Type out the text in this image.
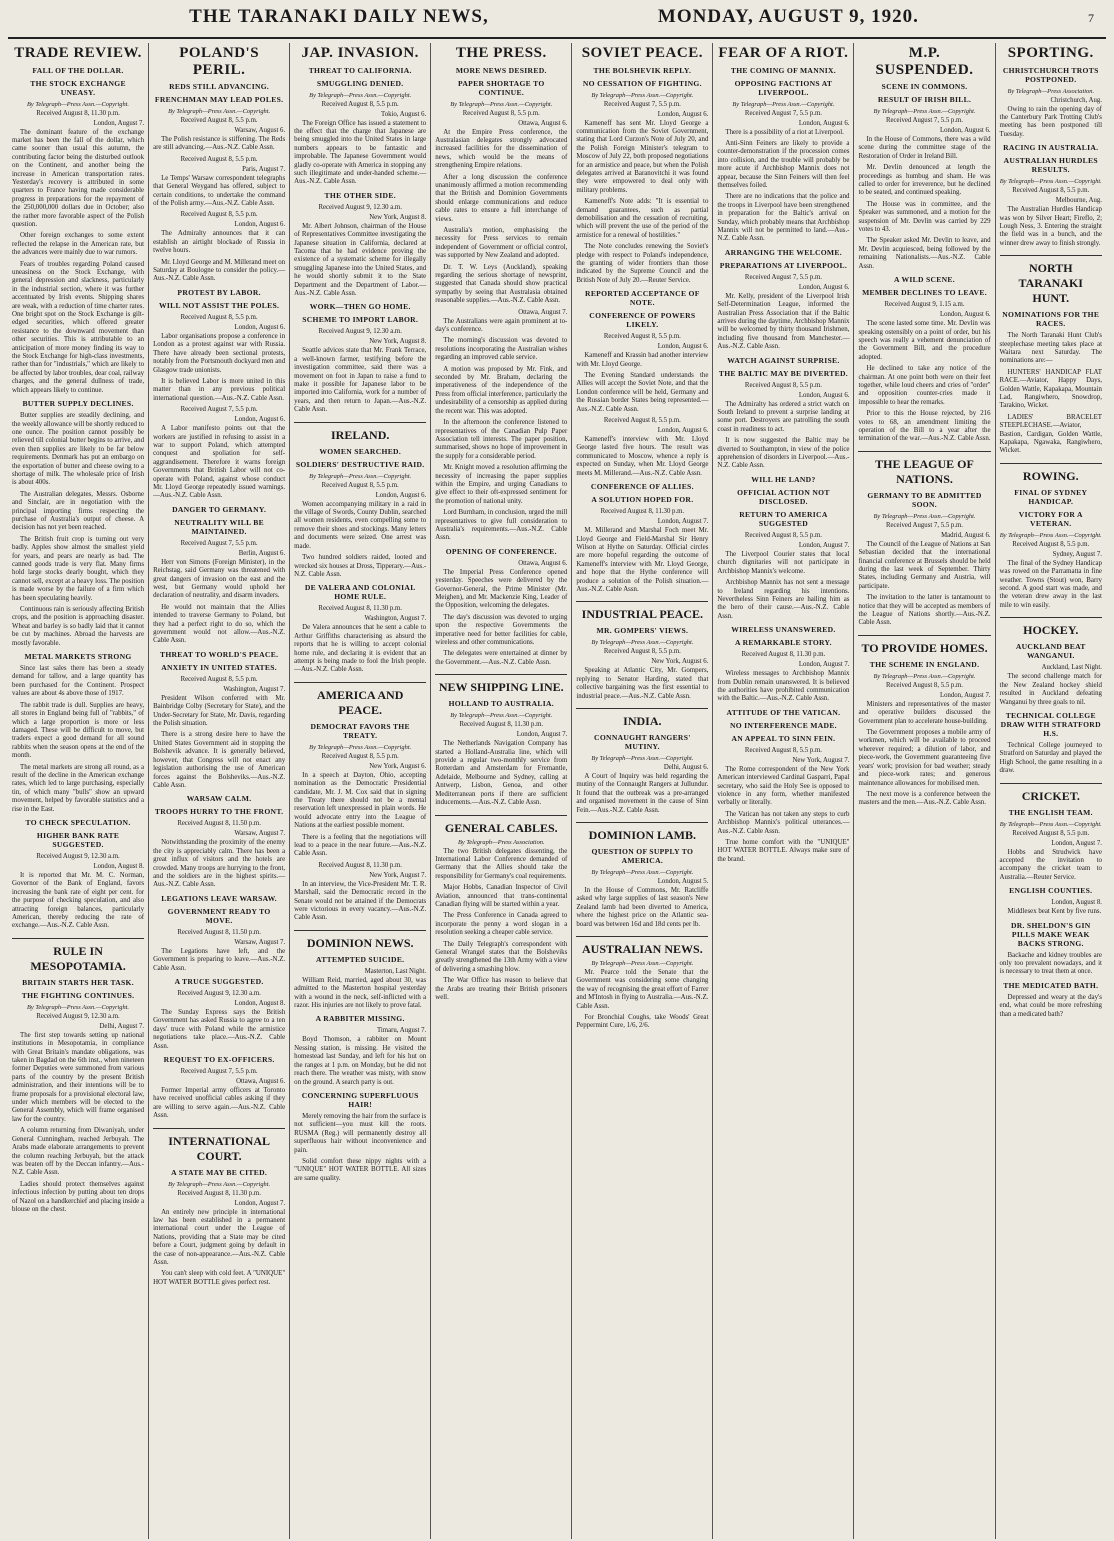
THE TARANAKI DAILY NEWS,	MONDAY, AUGUST 9, 1920.	7
TRADE REVIEW.
FALL OF THE DOLLAR.
THE STOCK EXCHANGE UNEASY.
By Telegraph—Press Assn.—Copyright.
Received August 8, 11.30 p.m.
London, August 7.
The dominant feature of the exchange market has been the fall of the dollar, which came sooner than usual this autumn, the contributing factor being the disturbed outlook on the Continent, and another being the increase in American transportation rates. Yesterday's recovery is attributed in some quarters to France having made considerable progress in preparations for the repayment of the 250,000,000 dollars due in October; also the rather more favorable aspect of the Polish question.
Other foreign exchanges to some extent reflected the relapse in the American rate, but the advances were mainly due to war rumors.
Fears of troubles regarding Poland caused uneasiness on the Stock Exchange, with general depression and slackness, particularly in the industrial section, where it was further accentuated by Irish events. Shipping shares are weak, with a reduction of time charter rates. One bright spot on the Stock Exchange is gilt-edged securities, which offered greater resistance to the downward movement than other securities. This is attributable to an anticipation of more money finding its way to the Stock Exchange for high-class investments, rather than for "industrials," which are likely to be affected by labor troubles, dear coal, railway charges, and the general dullness of trade, which appears likely to continue.
BUTTER SUPPLY DECLINES.
Butter supplies are steadily declining, and the weekly allowance will be shortly reduced to one ounce. The position cannot possibly be relieved till colonial butter begins to arrive, and even then supplies are likely to be far below requirements. Denmark has put an embargo on the exportation of butter and cheese owing to a shortage of milk. The wholesale price of Irish is about 400s.
The Australian delegates, Messrs. Osborne and Sinclair, are in negotiation with the principal importing firms respecting the purchase of Australia's output of cheese. A decision has not yet been reached.
The British fruit crop is turning out very badly. Apples show almost the smallest yield for years, and pears are nearly as bad. The canned goods trade is very flat. Many firms hold large stocks dearly bought, which they cannot sell, except at a heavy loss. The position is made worse by the failure of a firm which has been speculating heavily.
Continuous rain is seriously affecting British crops, and the position is approaching disaster. Wheat and barley is so badly laid that it cannot be cut by machines. Abroad the harvests are mostly favorable.
METAL MARKETS STRONG
Since last sales there has been a steady demand for tallow, and a large quantity has been purchased for the Continent. Prospect values are about 4s above those of 1917.
The rabbit trade is dull. Supplies are heavy, all stores in England being full of "rabbits," of which a large proportion is more or less damaged. These will be difficult to move, but traders expect a good demand for all sound rabbits when the season opens at the end of the month.
The metal markets are strong all round, as a result of the decline in the American exchange rates, which led to large purchasing, especially tin, of which many "bulls" show an upward movement, helped by favorable statistics and a rise in the East.
TO CHECK SPECULATION.
HIGHER BANK RATE SUGGESTED.
Received August 9, 12.30 a.m.
London, August 8.
It is reported that Mr. M. C. Norman, Governor of the Bank of England, favors increasing the bank rate of eight per cent. for the purpose of checking speculation, and also attracting foreign balances, particularly American, thereby reducing the rate of exchange.—Aus.-N.Z. Cable Assn.
RULE IN MESOPOTAMIA.
BRITAIN STARTS HER TASK.
THE FIGHTING CONTINUES.
By Telegraph—Press Assn.—Copyright.
Received August 9, 12.30 a.m.
Delhi, August 7.
The first step towards setting up national institutions in Mesopotamia, in compliance with Great Britain's mandate obligations, was taken in Bagdad on the 6th inst., when nineteen former Deputies were summoned from various parts of the country by the present British administration, and their intentions will be to frame proposals for a provisional electoral law, under which members will be elected to the General Assembly, which will frame organised law for the country.
A column returning from Diwaniyah, under General Cunningham, reached Jerbuyah. The Arabs made elaborate arrangements to prevent the column reaching Jerbuyah, but the attack was beaten off by the Deccan infantry.—Aus.-N.Z. Cable Assn.
Ladies should protect themselves against infectious infection by putting about ten drops of Nazol on a handkerchief and placing inside a blouse on the chest.
POLAND'S PERIL.
REDS STILL ADVANCING.
FRENCHMAN MAY LEAD POLES.
By Telegraph—Press Assn.—Copyright.
Received August 8, 5.5 p.m.
Warsaw, August 6.
The Polish resistance is stiffening. The Reds are still advancing.—Aus.-N.Z. Cable Assn.
Received August 8, 5.5 p.m.
Paris, August 7.
Le Temps' Warsaw correspondent telegraphs that General Weygand has offered, subject to certain conditions, to undertake the command of the Polish army.—Aus.-N.Z. Cable Assn.
Received August 8, 5.5 p.m.
London, August 6.
The Admiralty announces that it can establish an airtight blockade of Russia in twelve hours.
Mr. Lloyd George and M. Millerand meet on Saturday at Boulogne to consider the policy.—Aus.-N.Z. Cable Assn.
PROTEST BY LABOR.
WILL NOT ASSIST THE POLES.
Received August 8, 5.5 p.m.
London, August 6.
Labor organisations propose a conference in London as a protest against war with Russia. There have already been sectional protests, notably from the Portsmouth dockyard men and Glasgow trade unionists.
It is believed Labor is more united in this matter than in any previous political international question.—Aus.-N.Z. Cable Assn.
Received August 7, 5.5 p.m.
London, August 6.
A Labor manifesto points out that the workers are justified in refusing to assist in a war to support Poland, which attempted conquest and spoliation for self-aggrandisement. Therefore it warns foreign Governments that British Labor will not co-operate with Poland, against whose conduct Mr. Lloyd George repeatedly issued warnings.—Aus.-N.Z. Cable Assn.
DANGER TO GERMANY.
NEUTRALITY WILL BE MAINTAINED.
Received August 7, 5.5 p.m.
Berlin, August 6.
Herr von Simons (Foreign Minister), in the Reichstag, said Germany was threatened with great dangers of invasion on the east and the west, but Germany would uphold her declaration of neutrality, and disarm invaders.
He would not maintain that the Allies intended to traverse Germany to Poland, but they had a perfect right to do so, which the government would not allow.—Aus.-N.Z. Cable Assn.
THREAT TO WORLD'S PEACE.
ANXIETY IN UNITED STATES.
Received August 8, 5.5 p.m.
Washington, August 7.
President Wilson conferred with Mr. Bainbridge Colby (Secretary for State), and the Under-Secretary for State, Mr. Davis, regarding the Polish situation.
There is a strong desire here to have the United States Government aid in stopping the Bolshevik advance. It is generally believed, however, that Congress will not enact any legislation authorising the use of American forces against the Bolsheviks.—Aus.-N.Z. Cable Assn.
WARSAW CALM.
TROOPS HURRY TO THE FRONT.
Received August 8, 11.50 p.m.
Warsaw, August 7.
Notwithstanding the proximity of the enemy the city is appreciably calm. There has been a great influx of visitors and the hotels are crowded. Many troops are hurrying to the front, and the soldiers are in the highest spirits.—Aus.-N.Z. Cable Assn.
LEGATIONS LEAVE WARSAW.
GOVERNMENT READY TO MOVE.
Received August 8, 11.50 p.m.
Warsaw, August 7.
The Legations have left, and the Government is preparing to leave.—Aus.-N.Z. Cable Assn.
A TRUCE SUGGESTED.
Received August 9, 12.30 a.m.
London, August 8.
The Sunday Express says the British Government has asked Russia to agree to a ten days' truce with Poland while the armistice negotiations take place.—Aus.-N.Z. Cable Assn.
REQUEST TO EX-OFFICERS.
Received August 7, 5.5 p.m.
Ottawa, August 6.
Former Imperial army officers at Toronto have received unofficial cables asking if they are willing to serve again.—Aus.-N.Z. Cable Assn.
INTERNATIONAL COURT.
A STATE MAY BE CITED.
By Telegraph—Press Assn.—Copyright.
Received August 8, 11.30 p.m.
London, August 7.
An entirely new principle in international law has been established in a permanent international court under the League of Nations, providing that a State may be cited before a Court, judgment going by default in the case of non-appearance.—Aus.-N.Z. Cable Assn.
You can't sleep with cold feet. A "UNIQUE" HOT WATER BOTTLE gives perfect rest.
JAP. INVASION.
THREAT TO CALIFORNIA.
SMUGGLING DENIED.
By Telegraph—Press Assn.—Copyright.
Received August 8, 5.5 p.m.
Tokio, August 6.
The Foreign Office has issued a statement to the effect that the charge that Japanese are being smuggled into the United States in large numbers appears to be fantastic and improbable. The Japanese Government would gladly co-operate with America in stopping any such illegitimate and under-handed scheme.—Aus.-N.Z. Cable Assn.
THE OTHER SIDE.
Received August 9, 12.30 a.m.
New York, August 8.
Mr. Albert Johnson, chairman of the House of Representatives Committee investigating the Japanese situation in California, declared at Tacoma that he had evidence proving the existence of a systematic scheme for illegally smuggling Japanese into the United States, and he would shortly submit it to the State Department and the Department of Labor.—Aus.-N.Z. Cable Assn.
WORK—THEN GO HOME.
SCHEME TO IMPORT LABOR.
Received August 9, 12.30 a.m.
New York, August 8.
Seattle advices state that Mr. Frank Terrace, a well-known farmer, testifying before the investigation committee, said there was a movement on foot in Japan to raise a fund to make it possible for Japanese labor to be imported into California, work for a number of years, and then return to Japan.—Aus.-N.Z. Cable Assn.
IRELAND.
WOMEN SEARCHED.
SOLDIERS' DESTRUCTIVE RAID.
By Telegraph—Press Assn.—Copyright.
Received August 8, 5.5 p.m.
London, August 6.
Women accompanying military in a raid in the village of Swords, County Dublin, searched all women residents, even compelling some to remove their shoes and stockings. Many letters and documents were seized. One arrest was made.
Two hundred soldiers raided, looted and wrecked six houses at Dross, Tipperary.—Aus.-N.Z. Cable Assn.
DE VALERA AND COLONIAL HOME RULE.
Received August 8, 11.30 p.m.
Washington, August 7.
De Valera announces that he sent a cable to Arthur Griffiths characterising as absurd the reports that he is willing to accept colonial home rule, and declaring it is evident that an attempt is being made to fool the Irish people.—Aus.-N.Z. Cable Assn.
AMERICA AND PEACE.
DEMOCRAT FAVORS THE TREATY.
By Telegraph—Press Assn.—Copyright.
Received August 8, 5.5 p.m.
New York, August 6.
In a speech at Dayton, Ohio, accepting nomination as the Democratic Presidential candidate, Mr. J. M. Cox said that in signing the Treaty there should not be a mental reservation left unexpressed in plain words. He would advocate entry into the League of Nations at the earliest possible moment.
There is a feeling that the negotiations will lead to a peace in the near future.—Aus.-N.Z. Cable Assn.
Received August 8, 11.30 p.m.
New York, August 7.
In an interview, the Vice-President Mr. T. R. Marshall, said the Democratic record in the Senate would not be attained if the Democrats were victorious in every vacancy.—Aus.-N.Z. Cable Assn.
DOMINION NEWS.
ATTEMPTED SUICIDE.
Masterton, Last Night.
William Reid, married, aged about 30, was admitted to the Masterton hospital yesterday with a wound in the neck, self-inflicted with a razor. His injuries are not likely to prove fatal.
A RABBITER MISSING.
Timaru, August 7.
Boyd Thomson, a rabbiter on Mount Nessing station, is missing. He visited the homestead last Sunday, and left for his hut on the ranges at 1 p.m. on Monday, but he did not reach there. The weather was misty, with snow on the ground. A search party is out.
CONCERNING SUPERFLUOUS HAIR!
Merely removing the hair from the surface is not sufficient—you must kill the roots. RUSMA (Reg.) will permanently destroy all superfluous hair without inconvenience and pain.
Solid comfort these nippy nights with a "UNIQUE" HOT WATER BOTTLE. All sizes are same quality.
THE PRESS.
MORE NEWS DESIRED.
PAPER SHORTAGE TO CONTINUE.
By Telegraph—Press Assn.—Copyright.
Received August 8, 5.5 p.m.
Ottawa, August 6.
At the Empire Press conference, the Australasian delegates strongly advocated increased facilities for the dissemination of news, which would be the means of strengthening Empire relations.
After a long discussion the conference unanimously affirmed a motion recommending that the British and Dominion Governments should enlarge communications and reduce cable rates to ensure a full interchange of views.
Australia's motion, emphasising the necessity for Press services to remain independent of Government or official control, was supported by New Zealand and adopted.
Dr. T. W. Leys (Auckland), speaking regarding the serious shortage of newsprint, suggested that Canada should show practical sympathy by seeing that Australasia obtained reasonable supplies.—Aus.-N.Z. Cable Assn.
Ottawa, August 7.
The Australians were again prominent at to-day's conference.
The morning's discussion was devoted to resolutions incorporating the Australian wishes regarding an improved cable service.
A motion was proposed by Mr. Fink, and seconded by Mr. Braham, declaring the imperativeness of the independence of the Press from official interference, particularly the undesirability of a censorship as applied during the recent war. This was adopted.
In the afternoon the conference listened to representatives of the Canadian Pulp Paper Association tell interests. The paper position, summarised, shows no hope of improvement in the supply for a considerable period.
Mr. Knight moved a resolution affirming the necessity of increasing the paper supplies within the Empire, and urging Canadians to give effect to their oft-expressed sentiment for the promotion of national unity.
Lord Burnham, in conclusion, urged the mill representatives to give full consideration to Australia's requirements.—Aus.-N.Z. Cable Assn.
OPENING OF CONFERENCE.
Ottawa, August 6.
The Imperial Press Conference opened yesterday. Speeches were delivered by the Governor-General, the Prime Minister (Mr. Meighen), and Mr. Mackenzie King, Leader of the Opposition, welcoming the delegates.
The day's discussion was devoted to urging upon the respective Governments the imperative need for better facilities for cable, wireless and other communications.
The delegates were entertained at dinner by the Government.—Aus.-N.Z. Cable Assn.
NEW SHIPPING LINE.
HOLLAND TO AUSTRALIA.
By Telegraph—Press Assn.—Copyright.
Received August 8, 11.30 p.m.
London, August 7.
The Netherlands Navigation Company has started a Holland-Australia line, which will provide a regular two-monthly service from Rotterdam and Amsterdam for Fremantle, Adelaide, Melbourne and Sydney, calling at Antwerp, Lisbon, Genoa, and other Mediterranean ports if there are sufficient inducements.—Aus.-N.Z. Cable Assn.
GENERAL CABLES.
By Telegraph—Press Association.
The two British delegates dissenting, the International Labor Conference demanded of Germany that the Allies should take the responsibility for Germany's coal requirements.
Major Hobbs, Canadian Inspector of Civil Aviation, announced that trans-continental Canadian flying will be started within a year.
The Press Conference in Canada agreed to incorporate the penny a word slogan in a resolution seeking a cheaper cable service.
The Daily Telegraph's correspondent with General Wrangel states that the Bolsheviks greatly strengthened the 13th Army with a view of delivering a smashing blow.
The War Office has reason to believe that the Arabs are treating their British prisoners well.
SOVIET PEACE.
THE BOLSHEVIK REPLY.
NO CESSATION OF FIGHTING.
By Telegraph—Press Assn.—Copyright.
Received August 7, 5.5 p.m.
London, August 6.
Kameneff has sent Mr. Lloyd George a communication from the Soviet Government, stating that Lord Curzon's Note of July 20, and the Polish Foreign Minister's telegram to Moscow of July 22, both proposed negotiations for an armistice and peace, but when the Polish delegates arrived at Baranovitchi it was found they were empowered to deal only with military problems.
Kameneff's Note adds: "It is essential to demand guarantees, such as partial demobilisation and the cessation of recruiting, which will prevent the use of the period of the armistice for a renewal of hostilities."
The Note concludes renewing the Soviet's pledge with respect to Poland's independence, the granting of wider frontiers than those indicated by the Supreme Council and the British Note of July 20.—Reuter Service.
REPORTED ACCEPTANCE OF NOTE.
CONFERENCE OF POWERS LIKELY.
Received August 8, 5.5 p.m.
London, August 6.
Kameneff and Krassin had another interview with Mr. Lloyd George.
The Evening Standard understands the Allies will accept the Soviet Note, and that the London conference will be held, Germany and the Russian border States being represented.—Aus.-N.Z. Cable Assn.
Received August 8, 5.5 p.m.
London, August 6.
Kameneff's interview with Mr. Lloyd George lasted five hours. The result was communicated to Moscow, whence a reply is expected on Sunday, when Mr. Lloyd George meets M. Millerand.—Aus.-N.Z. Cable Assn.
CONFERENCE OF ALLIES.
A SOLUTION HOPED FOR.
Received August 8, 11.30 p.m.
London, August 7.
M. Millerand and Marshal Foch meet Mr. Lloyd George and Field-Marshal Sir Henry Wilson at Hythe on Saturday. Official circles are more hopeful regarding the outcome of Kameneff's interview with Mr. Lloyd George, and hope that the Hythe conference will produce a solution of the Polish situation.—Aus.-N.Z. Cable Assn.
INDUSTRIAL PEACE.
MR. GOMPERS' VIEWS.
By Telegraph—Press Assn.—Copyright.
Received August 8, 5.5 p.m.
New York, August 6.
Speaking at Atlantic City, Mr. Gompers, replying to Senator Harding, stated that collective bargaining was the first essential to industrial peace.—Aus.-N.Z. Cable Assn.
INDIA.
CONNAUGHT RANGERS' MUTINY.
By Telegraph—Press Assn.—Copyright.
Delhi, August 6.
A Court of Inquiry was held regarding the mutiny of the Connaught Rangers at Jullundur. It found that the outbreak was a pre-arranged and organised movement in the cause of Sinn Fein.—Aus.-N.Z. Cable Assn.
DOMINION LAMB.
QUESTION OF SUPPLY TO AMERICA.
By Telegraph—Press Assn.—Copyright.
London, August 5.
In the House of Commons, Mr. Ratcliffe asked why large supplies of last season's New Zealand lamb had been diverted to America, where the highest price on the Atlantic sea-board was between 16d and 18d cents per lb.
AUSTRALIAN NEWS.
By Telegraph—Press Assn.—Copyright.
Mr. Pearce told the Senate that the Government was considering some changing the way of recognising the great effort of Farrer and M'Intosh in flying to Australia.—Aus.-N.Z. Cable Assn.
For Bronchial Coughs, take Woods' Great Peppermint Cure, 1/6, 2/6.
FEAR OF A RIOT.
THE COMING OF MANNIX.
OPPOSING FACTIONS AT LIVERPOOL.
By Telegraph—Press Assn.—Copyright.
Received August 7, 5.5 p.m.
London, August 6.
There is a possibility of a riot at Liverpool.
Anti-Sinn Feiners are likely to provide a counter-demonstration if the procession comes into collision, and the trouble will probably be more acute if Archbishop Mannix does not appear, because the Sinn Feiners will then feel themselves foiled.
There are no indications that the police and the troops in Liverpool have been strengthened in preparation for the Baltic's arrival on Sunday, which probably means that Archbishop Mannix will not be permitted to land.—Aus.-N.Z. Cable Assn.
ARRANGING THE WELCOME.
PREPARATIONS AT LIVERPOOL.
Received August 7, 5.5 p.m.
London, August 6.
Mr. Kelly, president of the Liverpool Irish Self-Determination League, informed the Australian Press Association that if the Baltic arrives during the daytime, Archbishop Mannix will be welcomed by thirty thousand Irishmen, including five thousand from Manchester.—Aus.-N.Z. Cable Assn.
WATCH AGAINST SURPRISE.
THE BALTIC MAY BE DIVERTED.
Received August 8, 5.5 p.m.
London, August 6.
The Admiralty has ordered a strict watch on South Ireland to prevent a surprise landing at some port. Destroyers are patrolling the south coast in readiness to act.
It is now suggested the Baltic may be diverted to Southampton, in view of the police apprehension of disorders in Liverpool.—Aus.-N.Z. Cable Assn.
WILL HE LAND?
OFFICIAL ACTION NOT DISCLOSED.
RETURN TO AMERICA SUGGESTED
Received August 8, 5.5 p.m.
London, August 7.
The Liverpool Courier states that local church dignitaries will not participate in Archbishop Mannix's welcome.
Archbishop Mannix has not sent a message to Ireland regarding his intentions. Nevertheless Sinn Feiners are hailing him as the hero of their cause.—Aus.-N.Z. Cable Assn.
WIRELESS UNANSWERED.
A REMARKABLE STORY.
Received August 8, 11.30 p.m.
London, August 7.
Wireless messages to Archbishop Mannix from Dublin remain unanswered. It is believed the authorities have prohibited communication with the Baltic.—Aus.-N.Z. Cable Assn.
ATTITUDE OF THE VATICAN.
NO INTERFERENCE MADE.
AN APPEAL TO SINN FEIN.
Received August 8, 5.5 p.m.
New York, August 7.
The Rome correspondent of the New York American interviewed Cardinal Gasparri, Papal secretary, who said the Holy See is opposed to violence in any form, whether manifested verbally or literally.
The Vatican has not taken any steps to curb Archbishop Mannix's political utterances.—Aus.-N.Z. Cable Assn.
True home comfort with the "UNIQUE" HOT WATER BOTTLE. Always make sure of the brand.
M.P. SUSPENDED.
SCENE IN COMMONS.
RESULT OF IRISH BILL.
By Telegraph—Press Assn.—Copyright.
Received August 7, 5.5 p.m.
London, August 6.
In the House of Commons, there was a wild scene during the committee stage of the Restoration of Order in Ireland Bill.
Mr. Devlin denounced at length the proceedings as humbug and sham. He was called to order for irreverence, but he declined to be seated, and continued speaking.
The House was in committee, and the Speaker was summoned, and a motion for the suspension of Mr. Devlin was carried by 229 votes to 43.
The Speaker asked Mr. Devlin to leave, and Mr. Devlin acquiesced, being followed by the remaining Nationalists.—Aus.-N.Z. Cable Assn.
A WILD SCENE.
MEMBER DECLINES TO LEAVE.
Received August 9, 1.15 a.m.
London, August 6.
The scene lasted some time. Mr. Devlin was speaking ostensibly on a point of order, but his speech was really a vehement denunciation of the Government Bill, and the procedure adopted.
He declined to take any notice of the chairman. At one point both were on their feet together, while loud cheers and cries of "order" and opposition counter-cries made it impossible to hear the remarks.
Prior to this the House rejected, by 216 votes to 68, an amendment limiting the operation of the Bill to a year after the termination of the war.—Aus.-N.Z. Cable Assn.
THE LEAGUE OF NATIONS.
GERMANY TO BE ADMITTED SOON.
By Telegraph—Press Assn.—Copyright.
Received August 7, 5.5 p.m.
Madrid, August 6.
The Council of the League of Nations at San Sebastian decided that the international financial conference at Brussels should be held during the last week of September. Thirty States, including Germany and Austria, will participate.
The invitation to the latter is tantamount to notice that they will be accepted as members of the League of Nations shortly.—Aus.-N.Z. Cable Assn.
TO PROVIDE HOMES.
THE SCHEME IN ENGLAND.
By Telegraph—Press Assn.—Copyright.
Received August 8, 5.5 p.m.
London, August 7.
Ministers and representatives of the master and operative builders discussed the Government plan to accelerate house-building.
The Government proposes a mobile army of workmen, which will be available to proceed wherever required; a dilution of labor, and piece-work, the Government guaranteeing five years' work; provision for bad weather; steady and piece-work rates; and generous maintenance allowances for mobilised men.
The next move is a conference between the masters and the men.—Aus.-N.Z. Cable Assn.
SPORTING.
CHRISTCHURCH TROTS POSTPONED.
By Telegraph—Press Association.
Christchurch, Aug.
Owing to rain the opening day of the Canterbury Park Trotting Club's meeting has been postponed till Tuesday.
RACING IN AUSTRALIA.
AUSTRALIAN HURDLES RESULTS.
By Telegraph—Press Assn.—Copyright.
Received August 8, 5.5 p.m.
Melbourne, Aug.
The Australian Hurdles Handicap was won by Silver Heart; Fireflo, 2; Lough Ness, 3. Entering the straight the field was in a bunch, and the winner drew away to finish strongly.
NORTH TARANAKI HUNT.
NOMINATIONS FOR THE RACES.
The North Taranaki Hunt Club's steeplechase meeting takes place at Waitara next Saturday. The nominations are:—
HUNTERS' HANDICAP FLAT RACE.—Aviator, Happy Days, Golden Wattle, Kapakapa, Mountain Lad, Rangiwhero, Snowdrop, Tarakino, Wicket.
LADIES' BRACELET STEEPLECHASE.—Aviator, Bastion, Cardigan, Golden Wattle, Kapakapa, Ngawaka, Rangiwhero, Wicket.
ROWING.
FINAL OF SYDNEY HANDICAP.
VICTORY FOR A VETERAN.
By Telegraph—Press Assn.—Copyright.
Received August 8, 5.5 p.m.
Sydney, August 7.
The final of the Sydney Handicap was rowed on the Parramatta in fine weather. Towns (Stout) won, Barry second. A good start was made, and the veteran drew away in the last mile to win easily.
HOCKEY.
AUCKLAND BEAT WANGANUI.
Auckland, Last Night.
The second challenge match for the New Zealand hockey shield resulted in Auckland defeating Wanganui by three goals to nil.
TECHNICAL COLLEGE DRAW WITH STRATFORD H.S.
Technical College journeyed to Stratford on Saturday and played the High School, the game resulting in a draw.
CRICKET.
THE ENGLISH TEAM.
By Telegraph—Press Assn.—Copyright.
Received August 8, 5.5 p.m.
London, August 7.
Hobbs and Strudwick have accepted the invitation to accompany the cricket team to Australia.—Reuter Service.
ENGLISH COUNTIES.
London, August 8.
Middlesex beat Kent by five runs.
DR. SHELDON'S GIN PILLS MAKE WEAK BACKS STRONG.
Backache and kidney troubles are only too prevalent nowadays, and it is necessary to treat them at once.
THE MEDICATED BATH.
Depressed and weary at the day's end, what could be more refreshing than a medicated bath?
